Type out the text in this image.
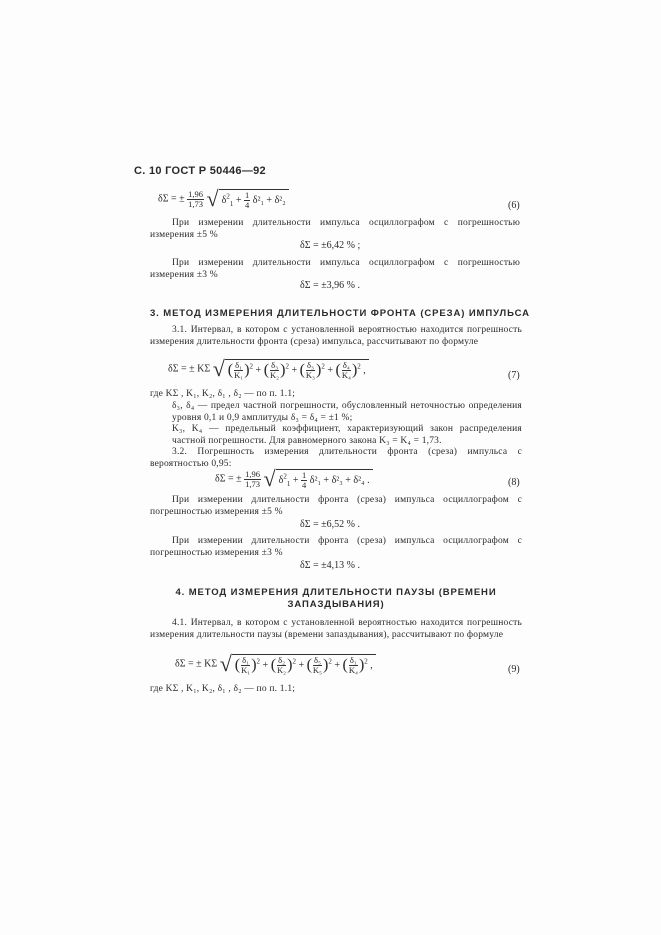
С. 10 ГОСТ Р 50446—92
δΣ = ± $\frac{1,96}{1,73}$ √ $\delta^2_1 + \frac{1}{4} \delta^2_1 + \delta^2_2$
(6)
При измерении длительности импульса осциллографом с погрешностью измерения ±5 %
δΣ = ±6,42 % ;
При измерении длительности импульса осциллографом с погрешностью измерения ±3 %
δΣ = ±3,96 % .
3. МЕТОД ИЗМЕРЕНИЯ ДЛИТЕЛЬНОСТИ ФРОНТА (СРЕЗА) ИМПУЛЬСА
3.1. Интервал, в котором с установленной вероятностью находится погрешность измерения длительности фронта (среза) импульса, рассчитывают по формуле
δΣ = ± KΣ √ ( $\frac{\text{δ₁}}{\text{K₁}} )^2$ + ( $\frac{\text{δ₃}}{\text{K₂}} )^2$ + ( $\frac{\text{δ₃}}{\text{K₃}} )^2$ + ( $\frac{\text{δ₄}}{\text{K₄}} )^2$ ,
(7)
где KΣ , K₁, K₂, δ₁ , δ₂ — по п. 1.1;
δ₃, δ₄ — предел частной погрешности, обусловленный неточностью определения уровня 0,1 и 0,9 амплитуды δ₃ = δ₄ = ±1 %;
K₃, K₄ — предельный коэффициент, характеризующий закон распределения частной погрешности. Для равномерного закона K₃ = K₄ = 1,73.
3.2. Погрешность измерения длительности фронта (среза) импульса с вероятностью 0,95:
δΣ = ± $\frac{1,96}{1,73}$ √ $\delta^2_1 + \frac{1}{4} \delta^2_1 + \delta^2_3 + \delta^2_4$ .	(8)
При измерении длительности фронта (среза) импульса осциллографом с погрешностью измерения ±5 %
δΣ = ±6,52 % .
При измерении длительности фронта (среза) импульса осциллографом с погрешностью измерения ±3 %
δΣ = ±4,13 % .
4. МЕТОД ИЗМЕРЕНИЯ ДЛИТЕЛЬНОСТИ ПАУЗЫ (ВРЕМЕНИ
ЗАПАЗДЫВАНИЯ)
4.1. Интервал, в котором с установленной вероятностью находится погрешность измерения длительности паузы (времени запаздывания), рассчитывают по формуле
δΣ = ± KΣ √ ( $\frac{\text{δ₁}}{\text{K₁}} )^2$ + ( $\frac{\text{δ₂}}{\text{K₂}} )^2$ + ( $\frac{\text{δ₅}}{\text{K₅}} )^2$ + ( $\frac{\text{δ₁}}{\text{K₄}} )^2$ ,	(9)
где KΣ , K₁, K₂, δ₁ , δ₂ — по п. 1.1;
